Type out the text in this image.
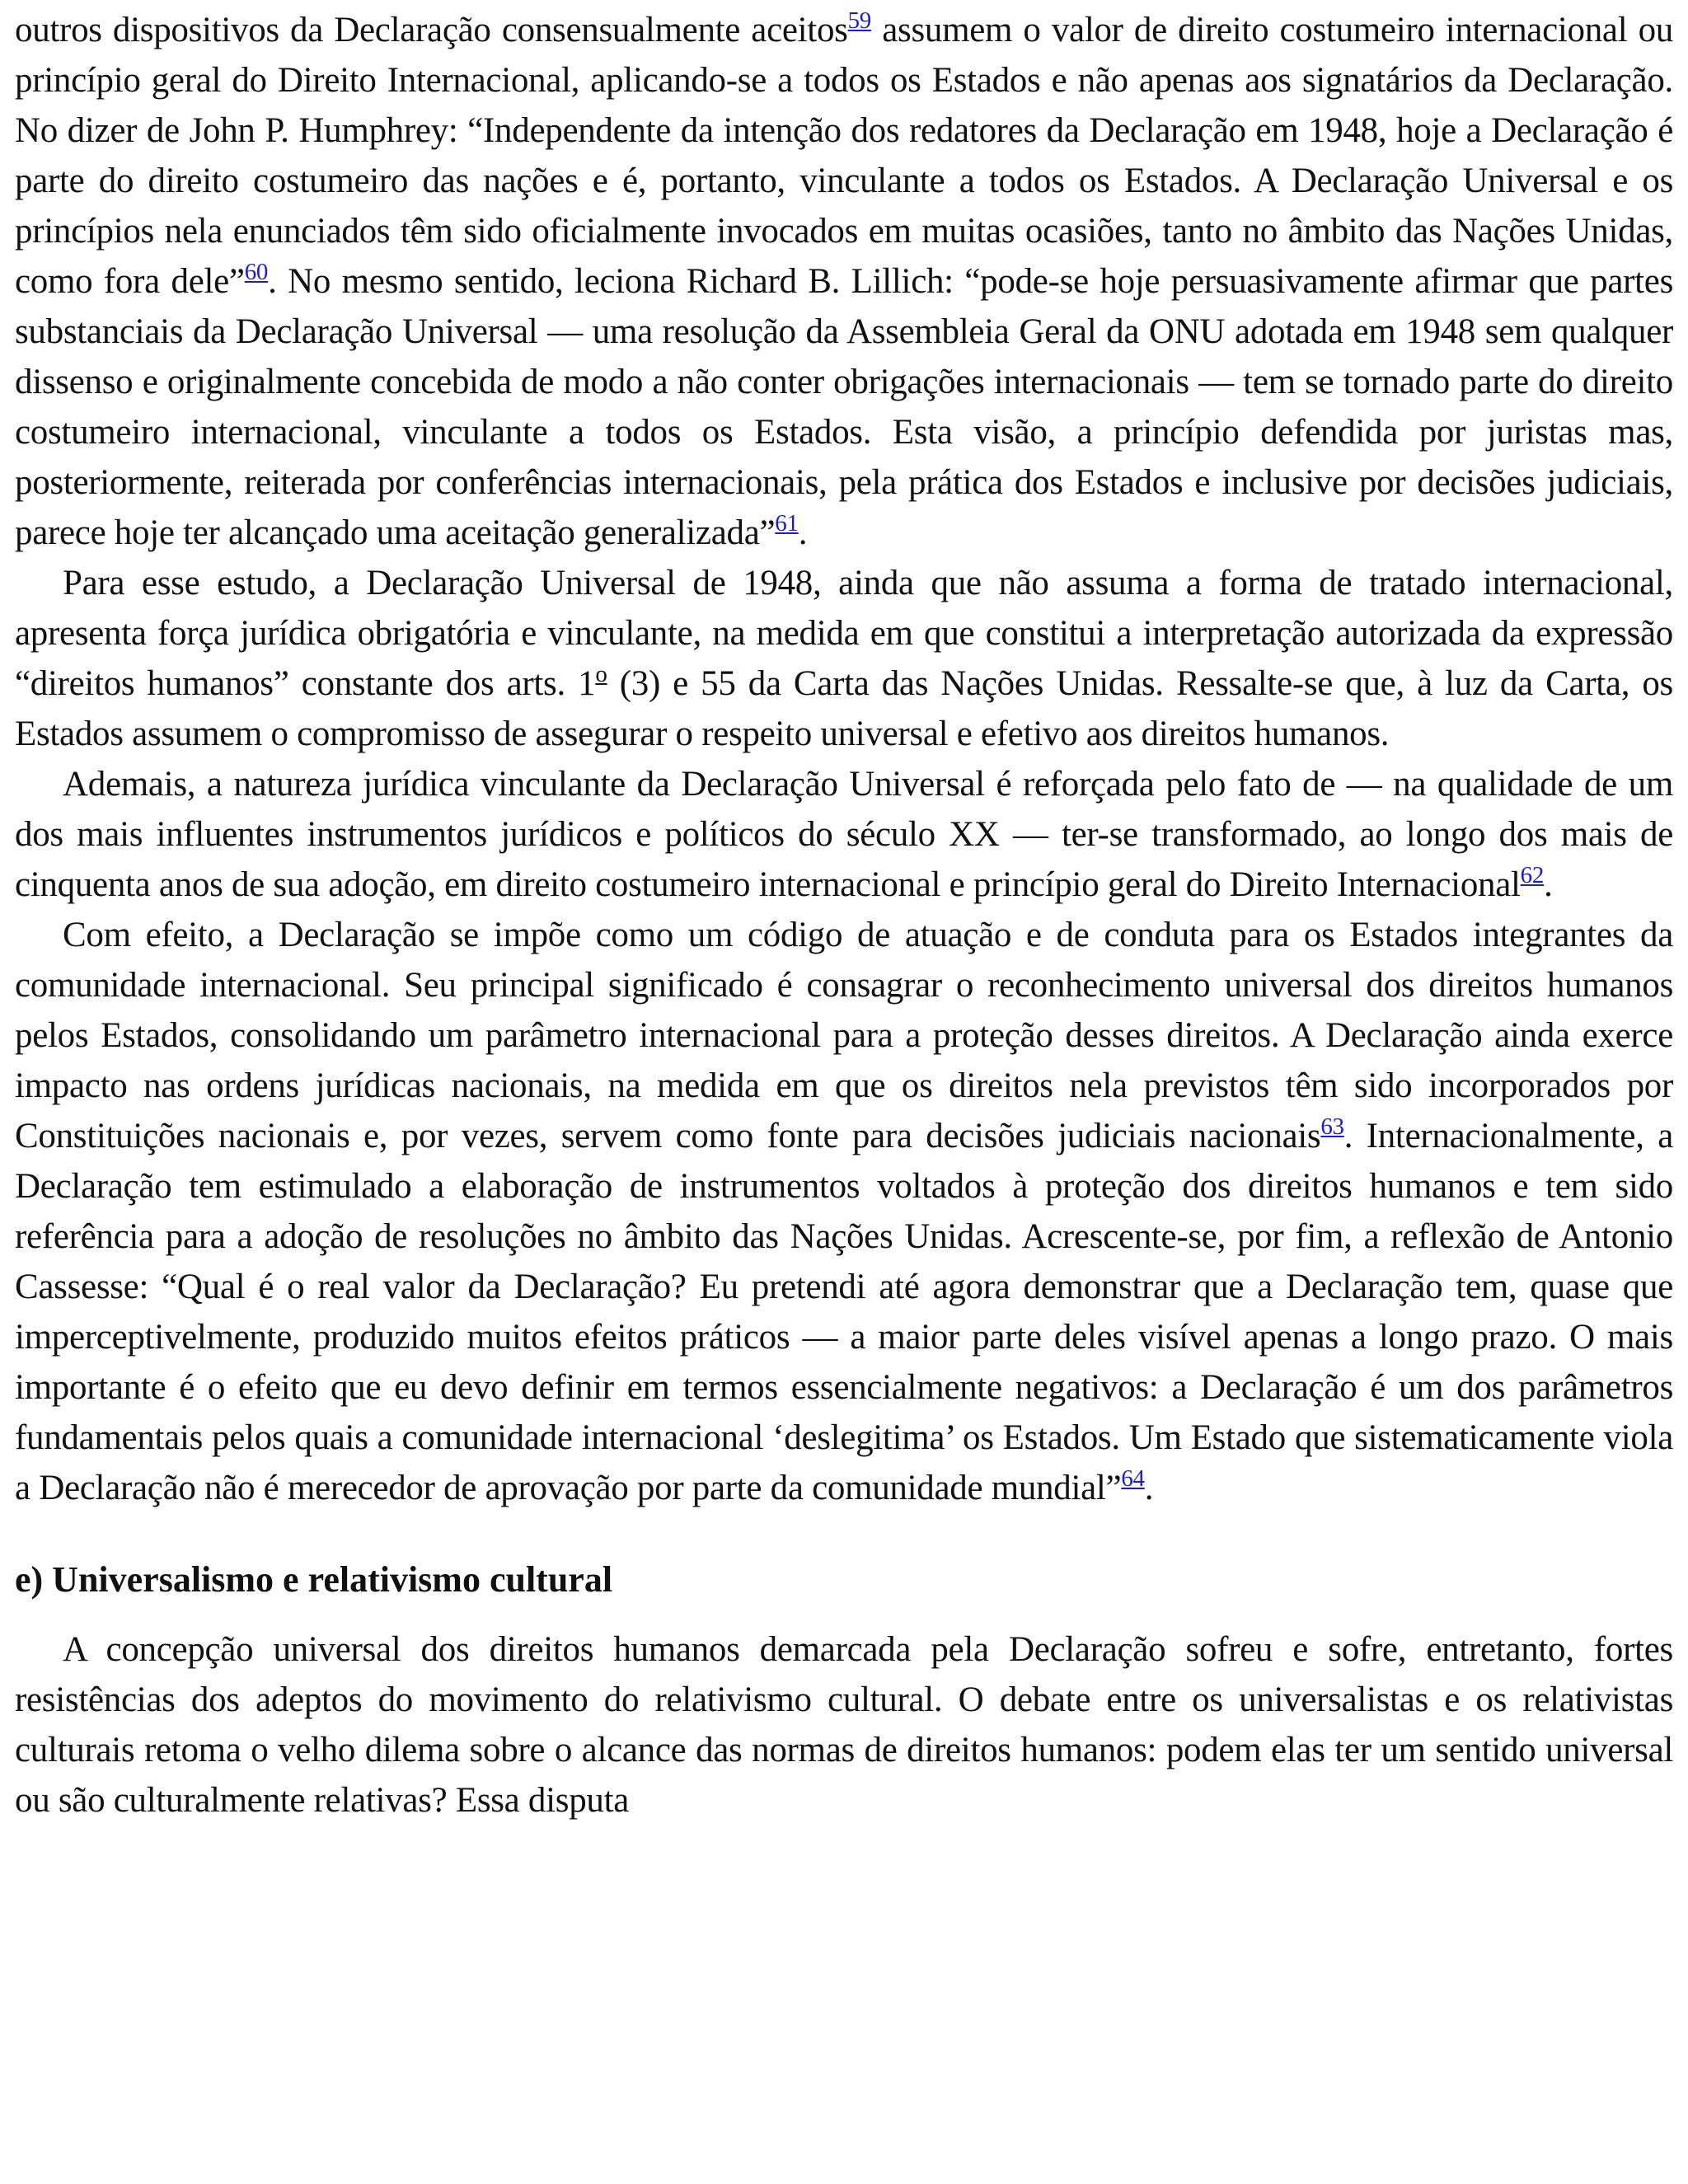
outros dispositivos da Declaração consensualmente aceitos$^{59}$ assumem o valor de direito costumeiro internacional ou princípio geral do Direito Internacional, aplicando-se a todos os Estados e não apenas aos signatários da Declaração. No dizer de John P. Humphrey: “Independente da intenção dos redatores da Declaração em 1948, hoje a Declaração é parte do direito costumeiro das nações e é, portanto, vinculante a todos os Estados. A Declaração Universal e os princípios nela enunciados têm sido oficialmente invocados em muitas ocasiões, tanto no âmbito das Nações Unidas, como fora dele”$^{60}$. No mesmo sentido, leciona Richard B. Lillich: “pode-se hoje persuasivamente afirmar que partes substanciais da Declaração Universal — uma resolução da Assembleia Geral da ONU adotada em 1948 sem qualquer dissenso e originalmente concebida de modo a não conter obrigações internacionais — tem se tornado parte do direito costumeiro internacional, vinculante a todos os Estados. Esta visão, a princípio defendida por juristas mas, posteriormente, reiterada por conferências internacionais, pela prática dos Estados e inclusive por decisões judiciais, parece hoje ter alcançado uma aceitação generalizada”$^{61}$.

Para esse estudo, a Declaração Universal de 1948, ainda que não assuma a forma de tratado internacional, apresenta força jurídica obrigatória e vinculante, na medida em que constitui a interpretação autorizada da expressão “direitos humanos” constante dos arts. 1$^o$ (3) e 55 da Carta das Nações Unidas. Ressalte-se que, à luz da Carta, os Estados assumem o compromisso de assegurar o respeito universal e efetivo aos direitos humanos.

Ademais, a natureza jurídica vinculante da Declaração Universal é reforçada pelo fato de — na qualidade de um dos mais influentes instrumentos jurídicos e políticos do século XX — ter-se transformado, ao longo dos mais de cinquenta anos de sua adoção, em direito costumeiro internacional e princípio geral do Direito Internacional$^{62}$.

Com efeito, a Declaração se impõe como um código de atuação e de conduta para os Estados integrantes da comunidade internacional. Seu principal significado é consagrar o reconhecimento universal dos direitos humanos pelos Estados, consolidando um parâmetro internacional para a proteção desses direitos. A Declaração ainda exerce impacto nas ordens jurídicas nacionais, na medida em que os direitos nela previstos têm sido incorporados por Constituições nacionais e, por vezes, servem como fonte para decisões judiciais nacionais$^{63}$. Internacionalmente, a Declaração tem estimulado a elaboração de instrumentos voltados à proteção dos direitos humanos e tem sido referência para a adoção de resoluções no âmbito das Nações Unidas. Acrescente-se, por fim, a reflexão de Antonio Cassesse: “Qual é o real valor da Declaração? Eu pretendi até agora demonstrar que a Declaração tem, quase que imperceptivelmente, produzido muitos efeitos práticos — a maior parte deles visível apenas a longo prazo. O mais importante é o efeito que eu devo definir em termos essencialmente negativos: a Declaração é um dos parâmetros fundamentais pelos quais a comunidade internacional ‘deslegitima’ os Estados. Um Estado que sistematicamente viola a Declaração não é merecedor de aprovação por parte da comunidade mundial”$^{64}$.

e) Universalismo e relativismo cultural

A concepção universal dos direitos humanos demarcada pela Declaração sofreu e sofre, entretanto, fortes resistências dos adeptos do movimento do relativismo cultural. O debate entre os universalistas e os relativistas culturais retoma o velho dilema sobre o alcance das normas de direitos humanos: podem elas ter um sentido universal ou são culturalmente relativas? Essa disputa
